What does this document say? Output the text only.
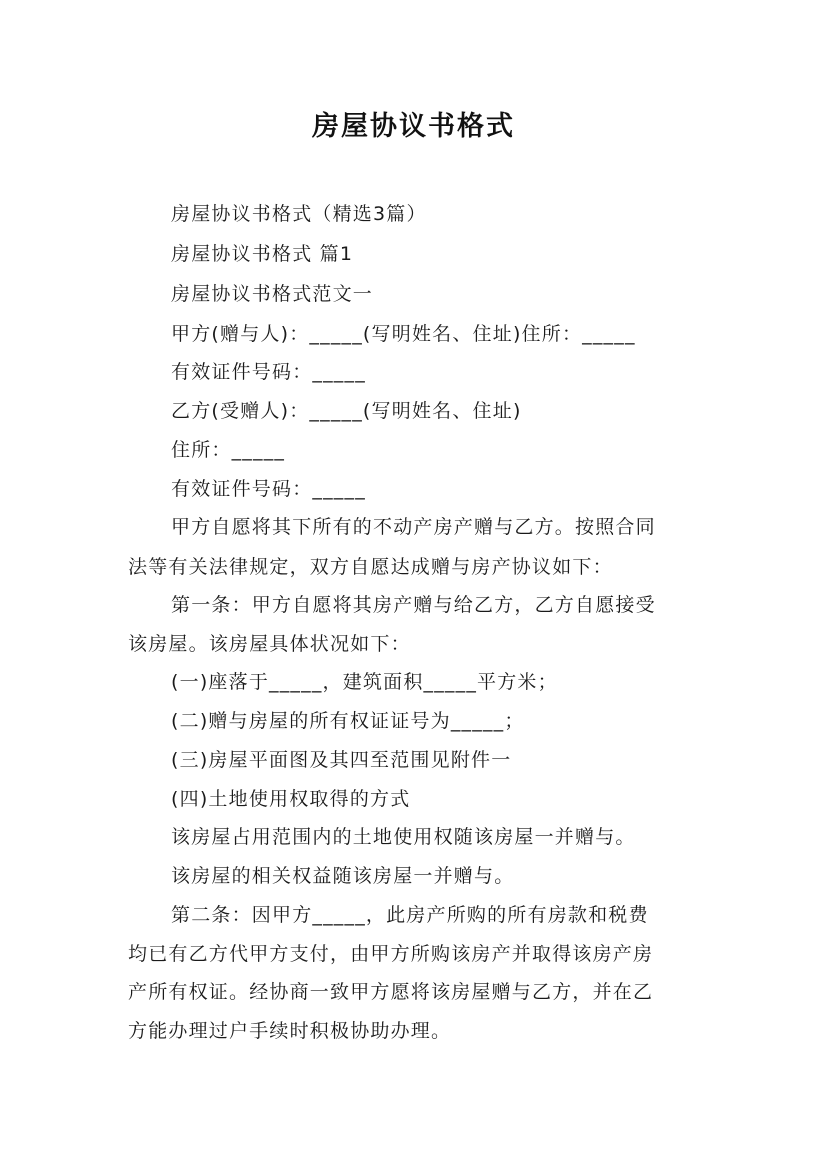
房屋协议书格式
房屋协议书格式（精选3篇）
房屋协议书格式 篇1
房屋协议书格式范文一
甲方(赠与人)：_____(写明姓名、住址)住所：_____
有效证件号码：_____
乙方(受赠人)：_____(写明姓名、住址)
住所：_____
有效证件号码：_____
甲方自愿将其下所有的不动产房产赠与乙方。按照合同
法等有关法律规定，双方自愿达成赠与房产协议如下：
第一条：甲方自愿将其房产赠与给乙方，乙方自愿接受
该房屋。该房屋具体状况如下：
(一)座落于_____，建筑面积_____平方米；
(二)赠与房屋的所有权证证号为_____；
(三)房屋平面图及其四至范围见附件一
(四)土地使用权取得的方式
该房屋占用范围内的土地使用权随该房屋一并赠与。
该房屋的相关权益随该房屋一并赠与。
第二条：因甲方_____，此房产所购的所有房款和税费
均已有乙方代甲方支付，由甲方所购该房产并取得该房产房
产所有权证。经协商一致甲方愿将该房屋赠与乙方，并在乙
方能办理过户手续时积极协助办理。
